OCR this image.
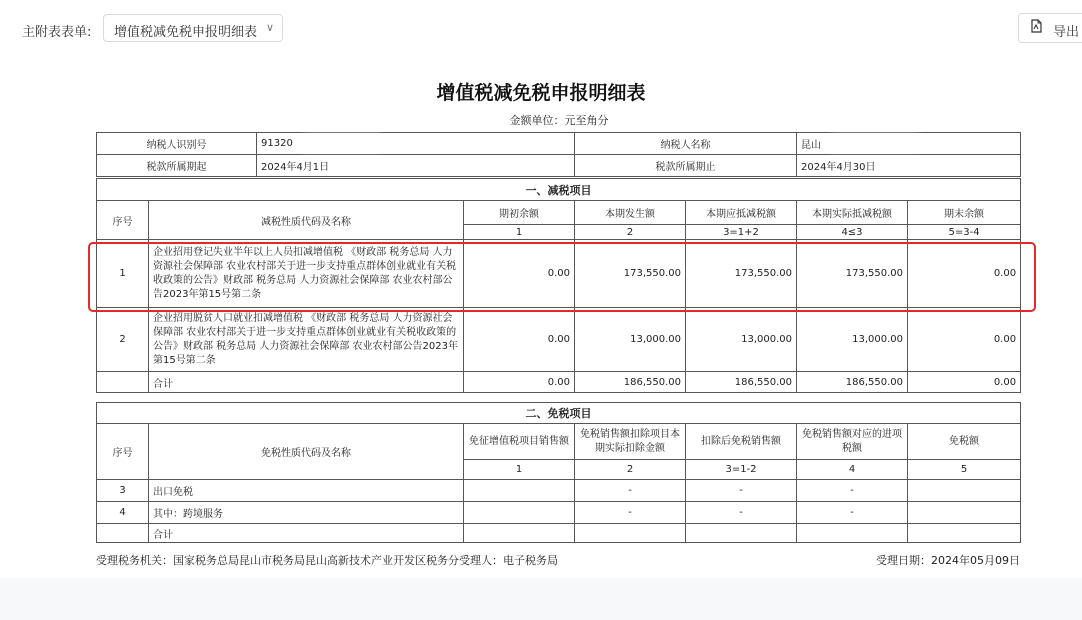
主附表表单: 增值税减免税申报明细表 ∨	导出
增值税减免税申报明细表
金额单位：元至角分
纳税人识别号	91320	纳税人名称	昆山
税款所属期起	2024年4月1日	税款所属期止	2024年4月30日
一、减税项目						
序号	减税性质代码及名称	期初余额	本期发生额	本期应抵减税额	本期实际抵减税额	期末余额
		1	2	3=1+2	4≤3	5=3-4
1	企业招用登记失业半年以上人员扣减增值税 《财政部 税务总局 人力资源社会保障部 农业农村部关于进一步支持重点群体创业就业有关税收政策的公告》财政部 税务总局 人力资源社会保障部 农业农村部公告2023年第15号第二条	0.00	173,550.00	173,550.00	173,550.00	0.00
2	企业招用脱贫人口就业扣减增值税 《财政部 税务总局 人力资源社会保障部 农业农村部关于进一步支持重点群体创业就业有关税收政策的公告》财政部 税务总局 人力资源社会保障部 农业农村部公告2023年第15号第二条	0.00	13,000.00	13,000.00	13,000.00	0.00
	合计	0.00	186,550.00	186,550.00	186,550.00	0.00
二、免税项目						
序号	免税性质代码及名称	免征增值税项目销售额	免税销售额扣除项目本期实际扣除金额	扣除后免税销售额	免税销售额对应的进项税额	免税额
		1	2	3=1-2	4	5
3	出口免税		-	-	-	
4	其中：跨境服务		-	-	-	
	合计					
受理税务机关：国家税务总局昆山市税务局昆山高新技术产业开发区税务分受理人：电子税务局	受理日期：2024年05月09日
